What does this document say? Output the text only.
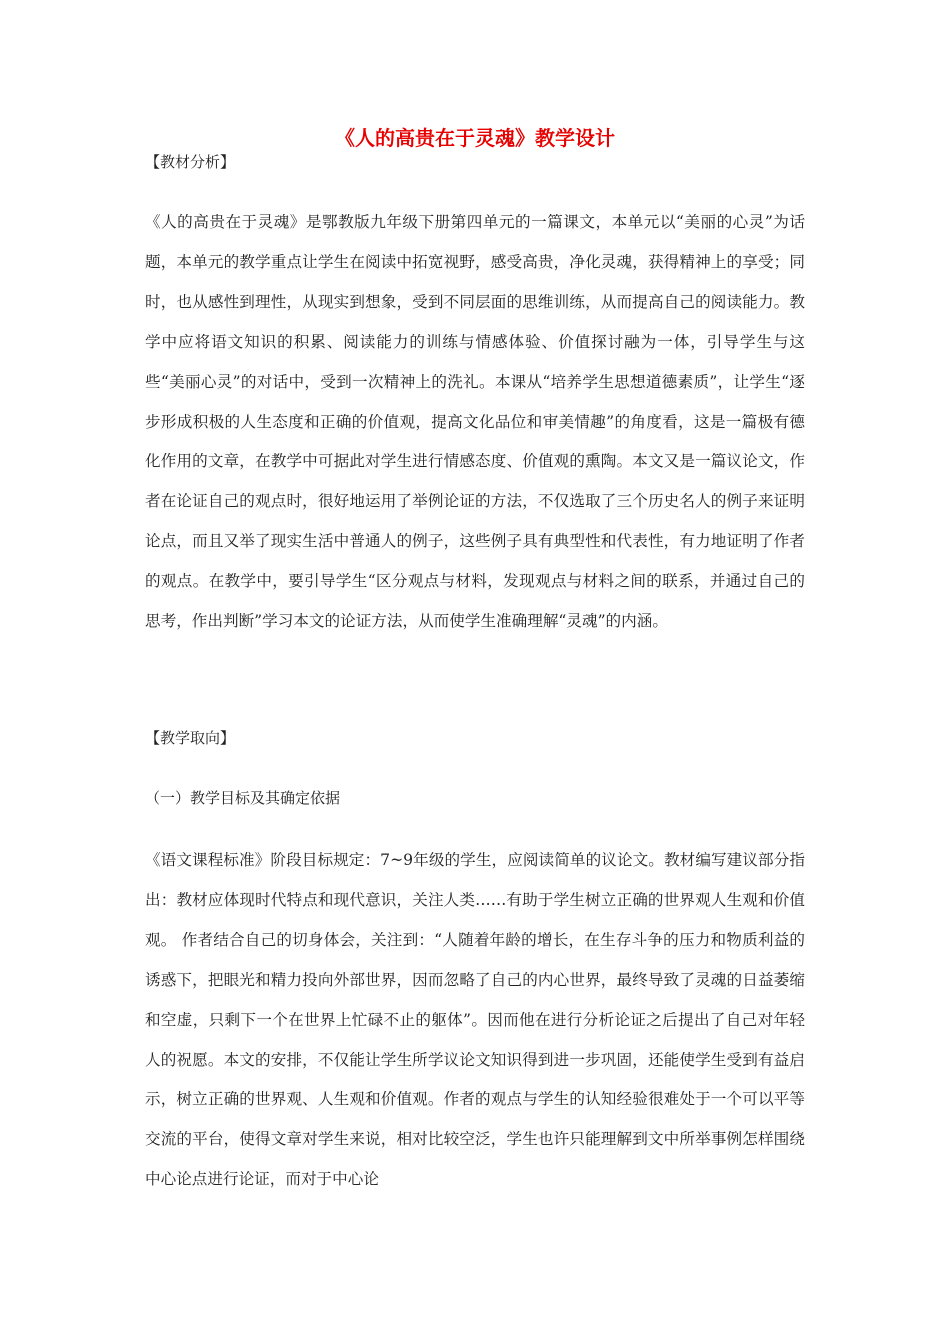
《人的高贵在于灵魂》教学设计
【教材分析】

《人的高贵在于灵魂》是鄂教版九年级下册第四单元的一篇课文，本单元以“美丽的心灵”为话题，本单元的教学重点让学生在阅读中拓宽视野，感受高贵，净化灵魂，获得精神上的享受；同时，也从感性到理性，从现实到想象，受到不同层面的思维训练，从而提高自己的阅读能力。教学中应将语文知识的积累、阅读能力的训练与情感体验、价值探讨融为一体，引导学生与这些“美丽心灵”的对话中，受到一次精神上的洗礼。本课从“培养学生思想道德素质”，让学生“逐步形成积极的人生态度和正确的价值观，提高文化品位和审美情趣”的角度看，这是一篇极有德化作用的文章，在教学中可据此对学生进行情感态度、价值观的熏陶。本文又是一篇议论文，作者在论证自己的观点时，很好地运用了举例论证的方法，不仅选取了三个历史名人的例子来证明论点，而且又举了现实生活中普通人的例子，这些例子具有典型性和代表性，有力地证明了作者的观点。在教学中，要引导学生“区分观点与材料，发现观点与材料之间的联系，并通过自己的思考，作出判断”学习本文的论证方法，从而使学生准确理解“灵魂”的内涵。

【教学取向】
（一）教学目标及其确定依据

《语文课程标准》阶段目标规定：7~9年级的学生，应阅读简单的议论文。教材编写建议部分指出：教材应体现时代特点和现代意识，关注人类……有助于学生树立正确的世界观人生观和价值观。 作者结合自己的切身体会，关注到：“人随着年龄的增长，在生存斗争的压力和物质利益的诱惑下，把眼光和精力投向外部世界，因而忽略了自己的内心世界，最终导致了灵魂的日益萎缩和空虚，只剩下一个在世界上忙碌不止的躯体”。因而他在进行分析论证之后提出了自己对年轻人的祝愿。本文的安排，不仅能让学生所学议论文知识得到进一步巩固，还能使学生受到有益启示，树立正确的世界观、人生观和价值观。作者的观点与学生的认知经验很难处于一个可以平等交流的平台，使得文章对学生来说，相对比较空泛，学生也许只能理解到文中所举事例怎样围绕中心论点进行论证，而对于中心论
